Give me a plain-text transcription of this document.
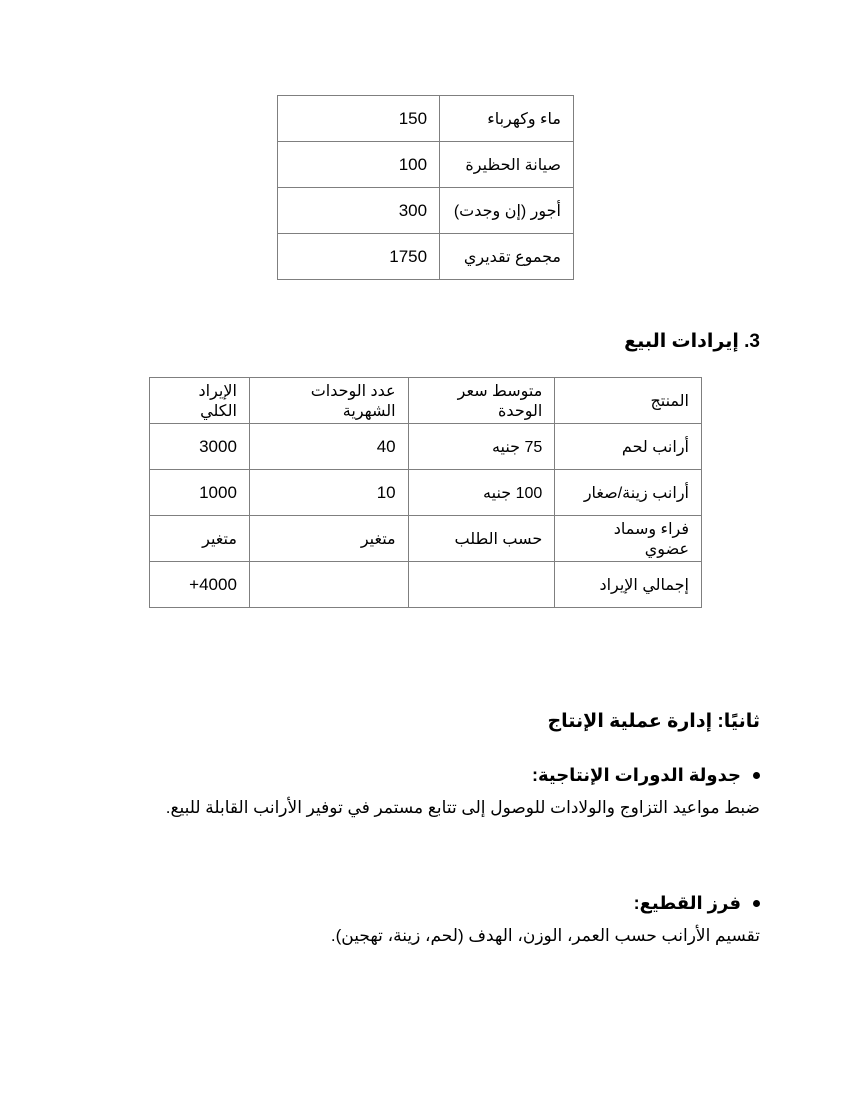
ماء وكهرباء	150
صيانة الحظيرة	100
أجور (إن وجدت)	300
مجموع تقديري	1750
3. إيرادات البيع
المنتج	متوسط سعر الوحدة	عدد الوحدات الشهرية	الإيراد الكلي
أرانب لحم	75 جنيه	40	3000
أرانب زينة/صغار	100 جنيه	10	1000
فراء وسماد عضوي	حسب الطلب	متغير	متغير
إجمالي الإيراد			4000+
ثانيًا: إدارة عملية الإنتاج
جدولة الدورات الإنتاجية:
ضبط مواعيد التزاوج والولادات للوصول إلى تتابع مستمر في توفير الأرانب القابلة للبيع.
فرز القطيع:
تقسيم الأرانب حسب العمر، الوزن، الهدف (لحم، زينة، تهجين).
